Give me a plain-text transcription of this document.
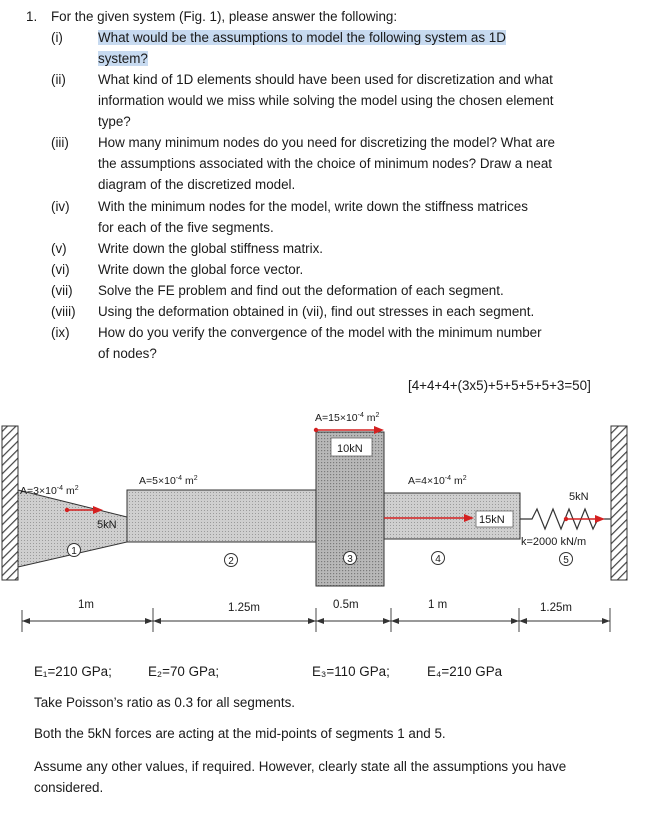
1. For the given system (Fig. 1), please answer the following:
(i)	What would be the assumptions to model the following system as 1D
system?
(ii) What kind of 1D elements should have been used for discretization and what
information would we miss while solving the model using the chosen element
type?
(iii) How many minimum nodes do you need for discretizing the model? What are
the assumptions associated with the choice of minimum nodes? Draw a neat
diagram of the discretized model.
(iv) With the minimum nodes for the model, write down the stiffness matrices
for each of the five segments.
(v) Write down the global stiffness matrix.
(vi) Write down the global force vector.
(vii) Solve the FE problem and find out the deformation of each segment.
(viii) Using the deformation obtained in (vii), find out stresses in each segment.
(ix) How do you verify the convergence of the model with the minimum number
of nodes?
[4+4+4+(3x5)+5+5+5+5+3=50]
$A=3\times 10^{-4}$ $m^2$
$A=5\times 10^{-4}$ $m^2$
$A=15\times 10^{-4}$ $m^2$
$A=4\times 10^{-4}$ $m^2$
5kN
10kN
15kN
5kN
k=2000 kN/m
1
2	3	4	5
1m	1.25m	0.5m	1 m	1.25m
E₁=210 GPa;	E₂=70 GPa;	E₃=110 GPa;	E₄=210 GPa
Take Poisson’s ratio as 0.3 for all segments.
Both the 5kN forces are acting at the mid-points of segments 1 and 5.
Assume any other values, if required. However, clearly state all the assumptions you have
considered.
